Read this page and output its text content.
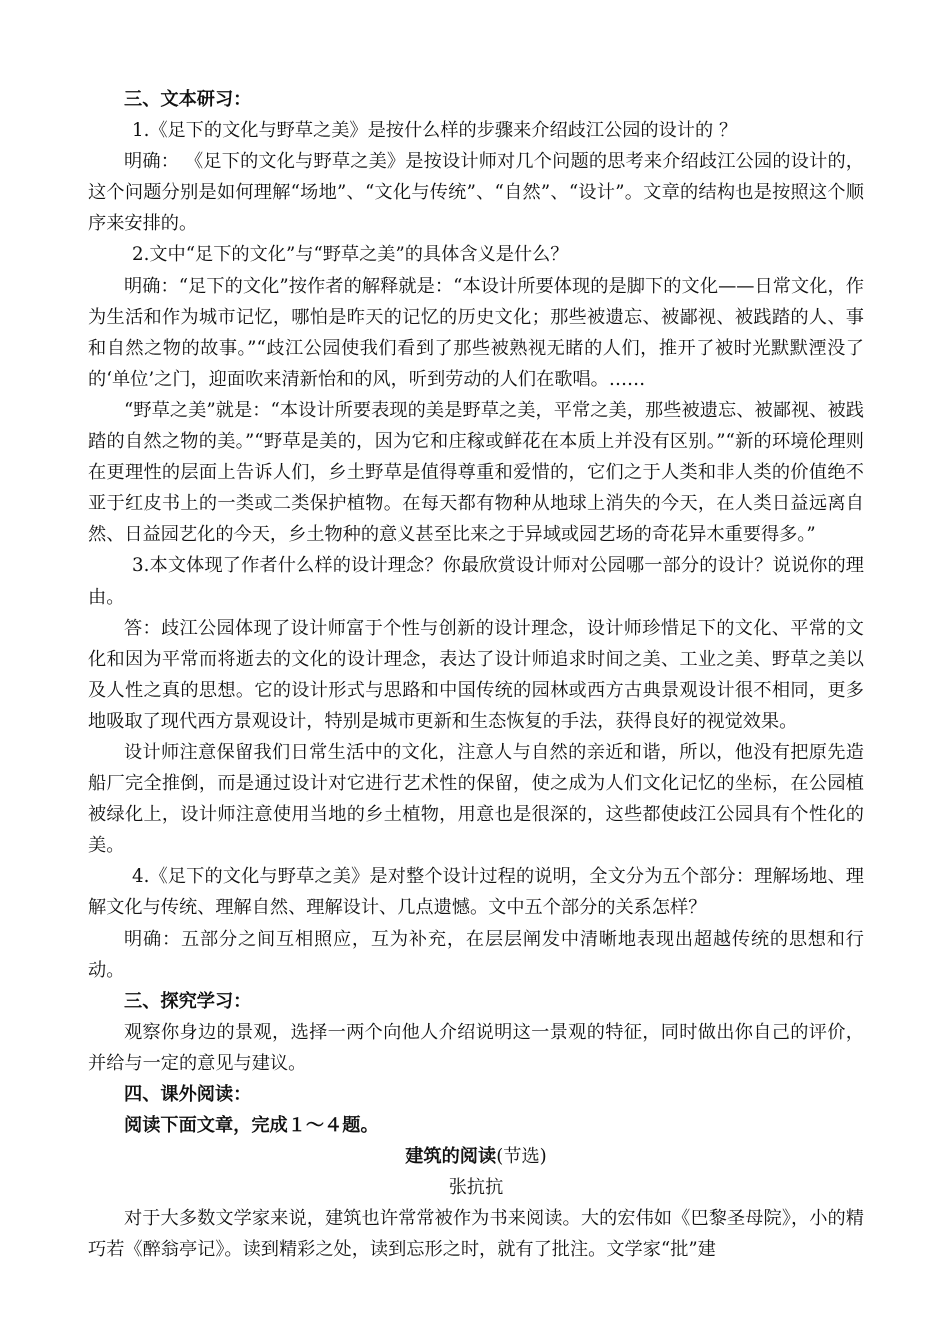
三、文本研习：

1.《足下的文化与野草之美》是按什么样的步骤来介绍歧江公园的设计的 ？

明确： 《足下的文化与野草之美》是按设计师对几个问题的思考来介绍歧江公园的设计的，这个问题分别是如何理解“场地”、“文化与传统”、“自然”、“设计”。文章的结构也是按照这个顺序来安排的。

2.文中“足下的文化”与“野草之美”的具体含义是什么？

明确：“足下的文化”按作者的解释就是：“本设计所要体现的是脚下的文化——日常文化，作为生活和作为城市记忆，哪怕是昨天的记忆的历史文化；那些被遗忘、被鄙视、被践踏的人、事和自然之物的故事。”“歧江公园使我们看到了那些被熟视无睹的人们，推开了被时光默默湮没了的‘单位’之门，迎面吹来清新怡和的风，听到劳动的人们在歌唱。……

“野草之美”就是：“本设计所要表现的美是野草之美，平常之美，那些被遗忘、被鄙视、被践踏的自然之物的美。”“野草是美的，因为它和庄稼或鲜花在本质上并没有区别。”“新的环境伦理则在更理性的层面上告诉人们，乡土野草是值得尊重和爱惜的，它们之于人类和非人类的价值绝不亚于红皮书上的一类或二类保护植物。在每天都有物种从地球上消失的今天，在人类日益远离自然、日益园艺化的今天，乡土物种的意义甚至比来之于异域或园艺场的奇花异木重要得多。”

3.本文体现了作者什么样的设计理念？你最欣赏设计师对公园哪一部分的设计？说说你的理由。

答：歧江公园体现了设计师富于个性与创新的设计理念，设计师珍惜足下的文化、平常的文化和因为平常而将逝去的文化的设计理念，表达了设计师追求时间之美、工业之美、野草之美以及人性之真的思想。它的设计形式与思路和中国传统的园林或西方古典景观设计很不相同，更多地吸取了现代西方景观设计，特别是城市更新和生态恢复的手法，获得良好的视觉效果。

设计师注意保留我们日常生活中的文化，注意人与自然的亲近和谐，所以，他没有把原先造船厂完全推倒，而是通过设计对它进行艺术性的保留，使之成为人们文化记忆的坐标，在公园植被绿化上，设计师注意使用当地的乡土植物，用意也是很深的，这些都使歧江公园具有个性化的美。

4.《足下的文化与野草之美》是对整个设计过程的说明，全文分为五个部分：理解场地、理解文化与传统、理解自然、理解设计、几点遗憾。文中五个部分的关系怎样？

明确：五部分之间互相照应，互为补充，在层层阐发中清晰地表现出超越传统的思想和行动。

三、探究学习：

观察你身边的景观，选择一两个向他人介绍说明这一景观的特征，同时做出你自己的评价，并给与一定的意见与建议。

四、课外阅读：

阅读下面文章，完成１～４题。

建筑的阅读(节选)

张抗抗

对于大多数文学家来说，建筑也许常常被作为书来阅读。大的宏伟如《巴黎圣母院》，小的精巧若《醉翁亭记》。读到精彩之处，读到忘形之时，就有了批注。文学家“批”建
